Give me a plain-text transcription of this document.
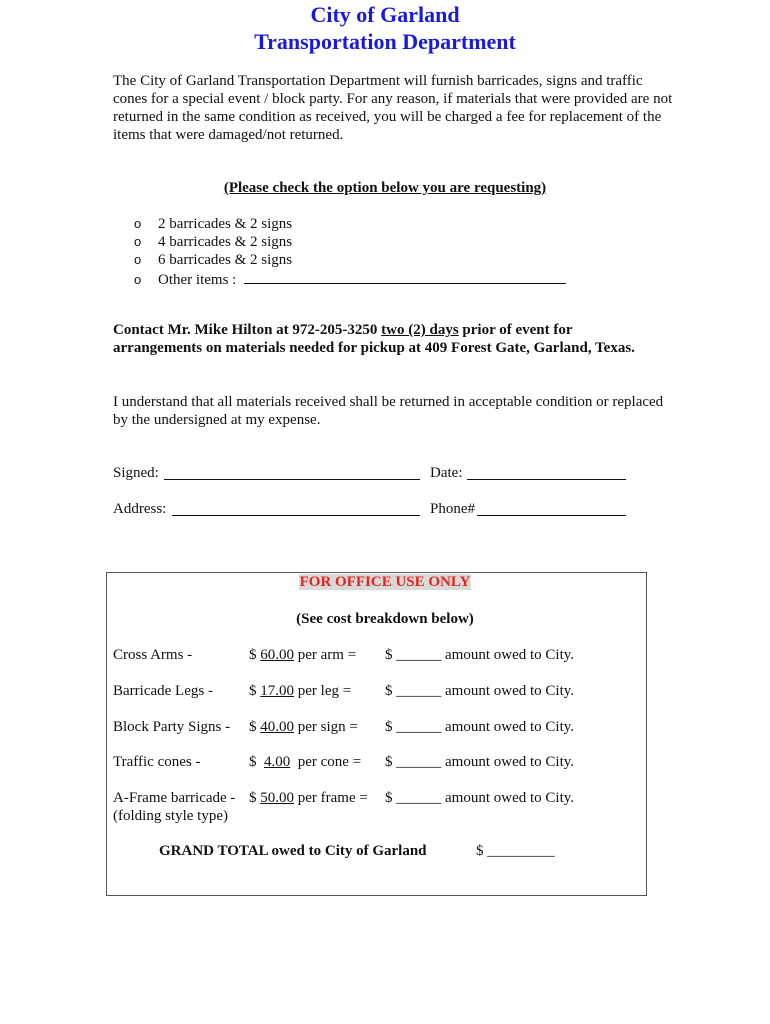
City of Garland
Transportation Department
The City of Garland Transportation Department will furnish barricades, signs and traffic cones for a special event / block party. For any reason, if materials that were provided are not returned in the same condition as received, you will be charged a fee for replacement of the items that were damaged/not returned.
(Please check the option below you are requesting)
o 2 barricades & 2 signs
o 4 barricades & 2 signs
o 6 barricades & 2 signs
o Other items :
Contact Mr. Mike Hilton at 972-205-3250 two (2) days prior of event for
arrangements on materials needed for pickup at 409 Forest Gate, Garland, Texas.
I understand that all materials received shall be returned in acceptable condition or replaced by the undersigned at my expense.
Signed:	Date:
Address:	Phone#
FOR OFFICE USE ONLY
(See cost breakdown below)
Cross Arms -	$ 60.00 per arm = $ ______ amount owed to City.
Barricade Legs - $ 17.00 per leg = $ ______ amount owed to City.
Block Party Signs - $ 40.00 per sign = $ ______ amount owed to City.
Traffic cones -	$ 4.00 per cone = $ ______ amount owed to City.
A-Frame barricade - $ 50.00 per frame = $ ______ amount owed to City.
(folding style type)
GRAND TOTAL owed to City of Garland	$ _________
